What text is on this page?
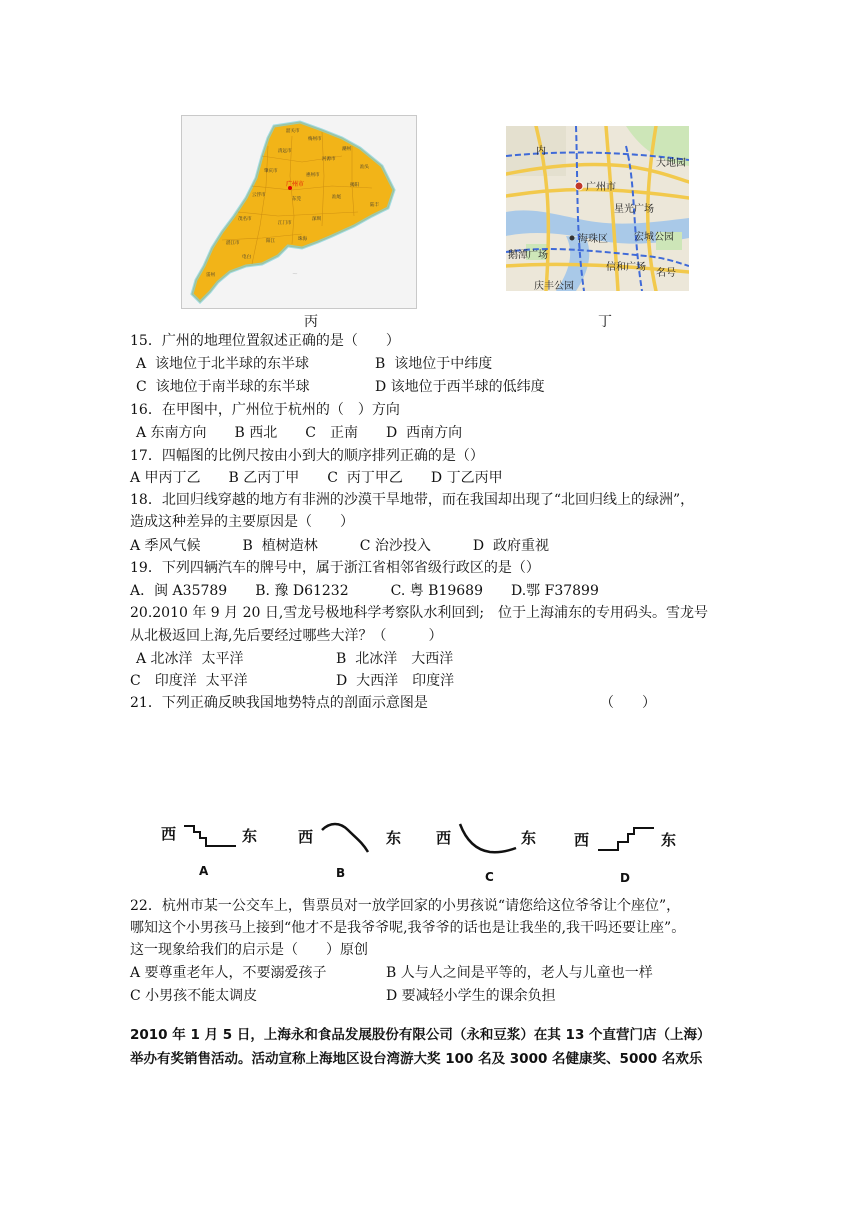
韶关市
梅州市
潮州
清远市
河源市
汕头
肇庆市
惠州市
揭阳
云浮市
东莞	汕尾
茂名市
江门市
深圳
湛江市	阳江	珠海
雷州
电白
陆丰
广州市
~
丙
内
广州市
星光广场
海珠区	宏城公园
信和广场
鹅潭广场
庆丰公园
大地园
名号
丁
15．广州的地理位置叙述正确的是（　　）
A  该地位于北半球的东半球	B  该地位于中纬度
C  该地位于南半球的东半球	D 该地位于西半球的低纬度
16．在甲图中，广州位于杭州的（　）方向
A 东南方向　　B 西北　　C　正南　　D  西南方向
17．四幅图的比例尺按由小到大的顺序排列正确的是（）
A 甲丙丁乙　　B 乙丙丁甲　　C  丙丁甲乙　　D 丁乙丙甲
18．北回归线穿越的地方有非洲的沙漠干旱地带，而在我国却出现了“北回归线上的绿洲”，
造成这种差异的主要原因是（　　）
A 季风气候　　　B  植树造林　　　C 治沙投入　　　D  政府重视
19．下列四辆汽车的牌号中，属于浙江省相邻省级行政区的是（）
A．闽 A35789　　B. 豫 D61232　　　C. 粤 B19689　　D.鄂 F37899
20.2010 年 9 月 20 日,雪龙号极地科学考察队水利回到;　位于上海浦东的专用码头。雪龙号
从北极返回上海,先后要经过哪些大洋？（　　　）
A 北冰洋  太平洋	B  北冰洋　大西洋
C　印度洋  太平洋	D  大西洋　印度洋
21．下列正确反映我国地势特点的剖面示意图是	（　　）
西	东
A
西	东
B
西	东
C
西	东
D
22．杭州市某一公交车上，售票员对一放学回家的小男孩说“请您给这位爷爷让个座位”，
哪知这个小男孩马上接到“他才不是我爷爷呢,我爷爷的话也是让我坐的,我干吗还要让座”。
这一现象给我们的启示是（　　）原创
A 要尊重老年人，不要溺爱孩子	B 人与人之间是平等的，老人与儿童也一样
C 小男孩不能太调皮	D 要减轻小学生的课余负担
2010 年 1 月 5 日，上海永和食品发展股份有限公司（永和豆浆）在其 13 个直营门店（上海）
举办有奖销售活动。活动宣称上海地区设台湾游大奖 100 名及 3000 名健康奖、5000 名欢乐
